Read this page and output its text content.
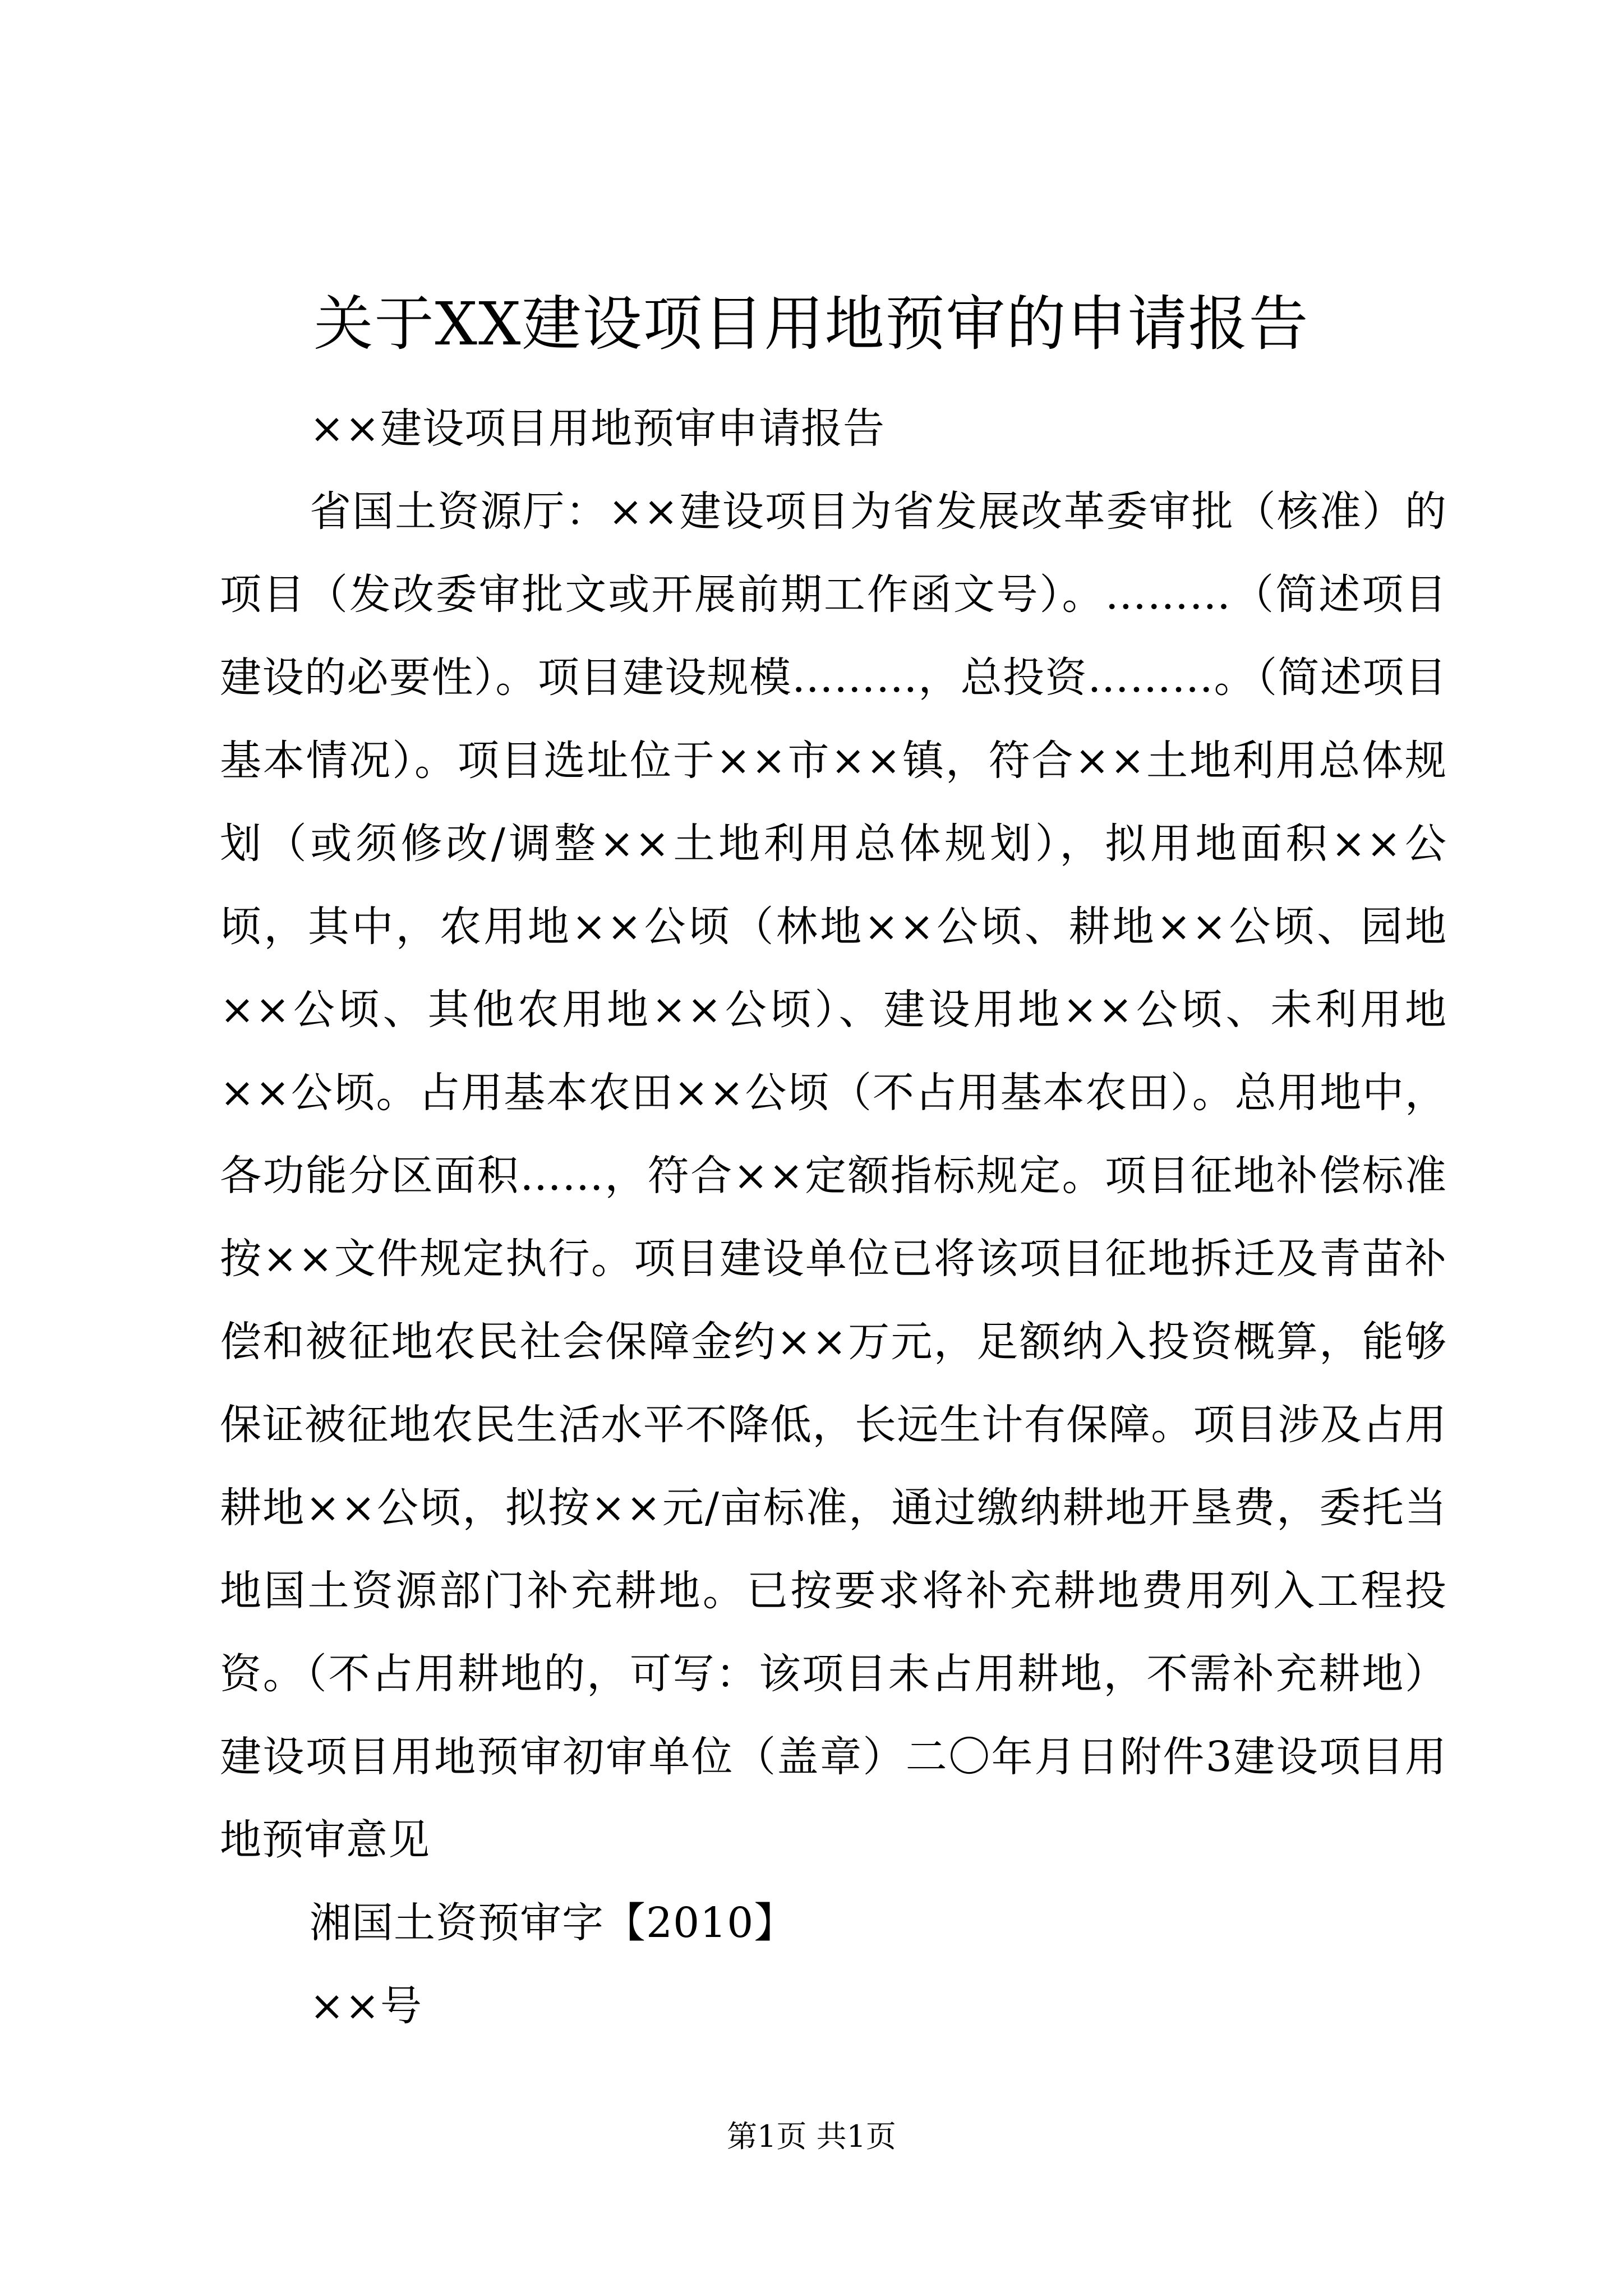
关于XX建设项目用地预审的申请报告

××建设项目用地预审申请报告

省国土资源厅：××建设项目为省发展改革委审批（核准）的项目（发改委审批文或开展前期工作函文号）。………（简述项目建设的必要性）。项目建设规模………，总投资………。（简述项目基本情况）。项目选址位于××市××镇，符合××土地利用总体规划（或须修改/调整××土地利用总体规划），拟用地面积××公顷，其中，农用地××公顷（林地××公顷、耕地××公顷、园地××公顷、其他农用地××公顷）、建设用地××公顷、未利用地××公顷。占用基本农田××公顷（不占用基本农田）。总用地中，各功能分区面积……，符合××定额指标规定。项目征地补偿标准按××文件规定执行。项目建设单位已将该项目征地拆迁及青苗补偿和被征地农民社会保障金约××万元，足额纳入投资概算，能够保证被征地农民生活水平不降低，长远生计有保障。项目涉及占用耕地××公顷，拟按××元/亩标准，通过缴纳耕地开垦费，委托当地国土资源部门补充耕地。已按要求将补充耕地费用列入工程投资。（不占用耕地的，可写：该项目未占用耕地，不需补充耕地）建设项目用地预审初审单位（盖章）二〇年月日附件3建设项目用地预审意见

湘国土资预审字【2010】

××号

第1页 共1页
